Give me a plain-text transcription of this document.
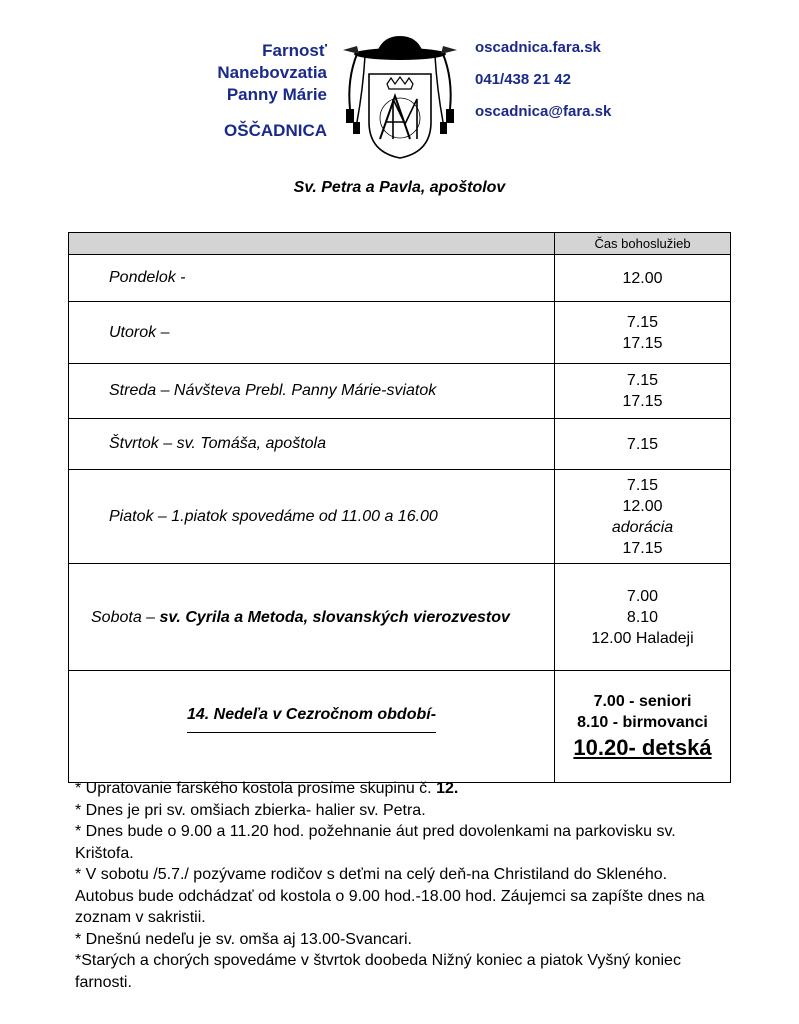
Farnosť
Nanebovzatia
Panny Márie
OŠČADNICA
oscadnica.fara.sk
041/438 21 42
oscadnica@fara.sk
Sv. Petra a Pavla, apoštolov
	Čas bohoslužieb
Pondelok -	12.00
Utorok –	7.15
17.15

Streda – Návšteva Prebl. Panny Márie-sviatok	7.15
17.15

Štvrtok – sv. Tomáša, apoštola	7.15
Piatok – 1.piatok spovedáme od 11.00 a 16.00	7.15
12.00
adorácia
17.15

Sobota – sv. Cyrila a Metoda, slovanských vierozvestov	7.00
8.10
12.00 Haladeji

14. Nedeľa v Cezročnom období-	7.00 - seniori
8.10 - birmovanci
10.20- detská

* Upratovanie farského kostola prosíme skupinu č. 12.

* Dnes je pri sv. omšiach zbierka- halier sv. Petra.

* Dnes bude o 9.00 a 11.20 hod. požehnanie áut pred dovolenkami na parkovisku sv. Krištofa.

* V sobotu /5.7./ pozývame rodičov s deťmi na celý deň-na Christiland do Skleného. Autobus bude odchádzať od kostola o 9.00 hod.-18.00 hod. Záujemci sa zapíšte dnes na zoznam v sakristii.

* Dnešnú nedeľu je sv. omša aj 13.00-Svancari.

*Starých a chorých spovedáme v štvrtok doobeda Nižný koniec a piatok Vyšný koniec farnosti.
